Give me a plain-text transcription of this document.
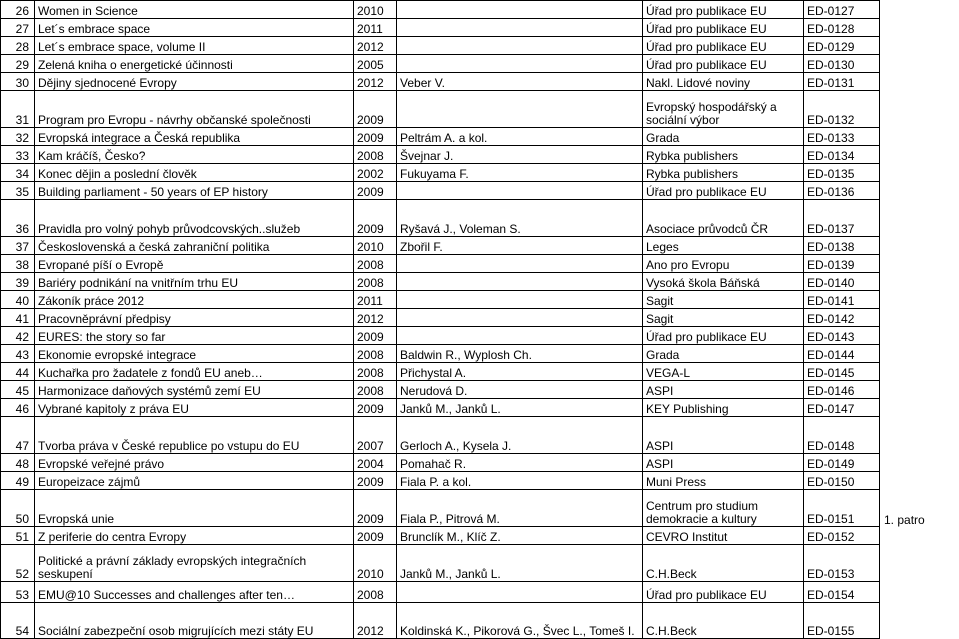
26	Women in Science	2010		Úřad pro publikace EU	ED-0127	
27	Let´s embrace space	2011		Úřad pro publikace EU	ED-0128	
28	Let´s embrace space, volume II	2012		Úřad pro publikace EU	ED-0129	
29	Zelená kniha o energetické účinnosti	2005		Úřad pro publikace EU	ED-0130	
30	Dějiny sjednocené Evropy	2012	Veber V.	Nakl. Lidové noviny	ED-0131	
31	Program pro Evropu - návrhy občanské společnosti	2009		Evropský hospodářský a sociální výbor	ED-0132	
32	Evropská integrace a Česká republika	2009	Peltrám A. a kol.	Grada	ED-0133	
33	Kam kráčíš, Česko?	2008	Švejnar J.	Rybka publishers	ED-0134	
34	Konec dějin a poslední člověk	2002	Fukuyama F.	Rybka publishers	ED-0135	
35	Building parliament - 50 years of EP history	2009		Úřad pro publikace EU	ED-0136	
36	Pravidla pro volný pohyb průvodcovských..služeb	2009	Ryšavá J., Voleman S.	Asociace průvodců ČR	ED-0137	
37	Československá a česká zahraniční politika	2010	Zbořil F.	Leges	ED-0138	
38	Evropané píší o Evropě	2008		Ano pro Evropu	ED-0139	
39	Bariéry podnikání na vnitřním trhu EU	2008		Vysoká škola Báňská	ED-0140	
40	Zákoník práce 2012	2011		Sagit	ED-0141	
41	Pracovněprávní předpisy	2012		Sagit	ED-0142	
42	EURES: the story so far	2009		Úřad pro publikace EU	ED-0143	
43	Ekonomie evropské integrace	2008	Baldwin R., Wyplosh Ch.	Grada	ED-0144	
44	Kuchařka pro žadatele z fondů EU aneb…	2008	Přichystal A.	VEGA-L	ED-0145	
45	Harmonizace daňových systémů zemí EU	2008	Nerudová D.	ASPI	ED-0146	
46	Vybrané kapitoly z práva EU	2009	Janků M., Janků L.	KEY Publishing	ED-0147	
47	Tvorba práva v České republice po vstupu do EU	2007	Gerloch A., Kysela J.	ASPI	ED-0148	
48	Evropské veřejné právo	2004	Pomahač R.	ASPI	ED-0149	
49	Europeizace zájmů	2009	Fiala P. a kol.	Muni Press	ED-0150	
50	Evropská unie	2009	Fiala P., Pitrová M.	Centrum pro studium demokracie a kultury	ED-0151	1. patro
51	Z periferie do centra Evropy	2009	Brunclík M., Klíč Z.	CEVRO Institut	ED-0152	
52	Politické a právní základy evropských integračních seskupení	2010	Janků M., Janků L.	C.H.Beck	ED-0153	
53	EMU@10 Successes and challenges after ten…	2008		Úřad pro publikace EU	ED-0154	
54	Sociální zabezpeční osob migrujících mezi státy EU	2012	Koldinská K., Pikorová G., Švec L., Tomeš I.	C.H.Beck	ED-0155	
